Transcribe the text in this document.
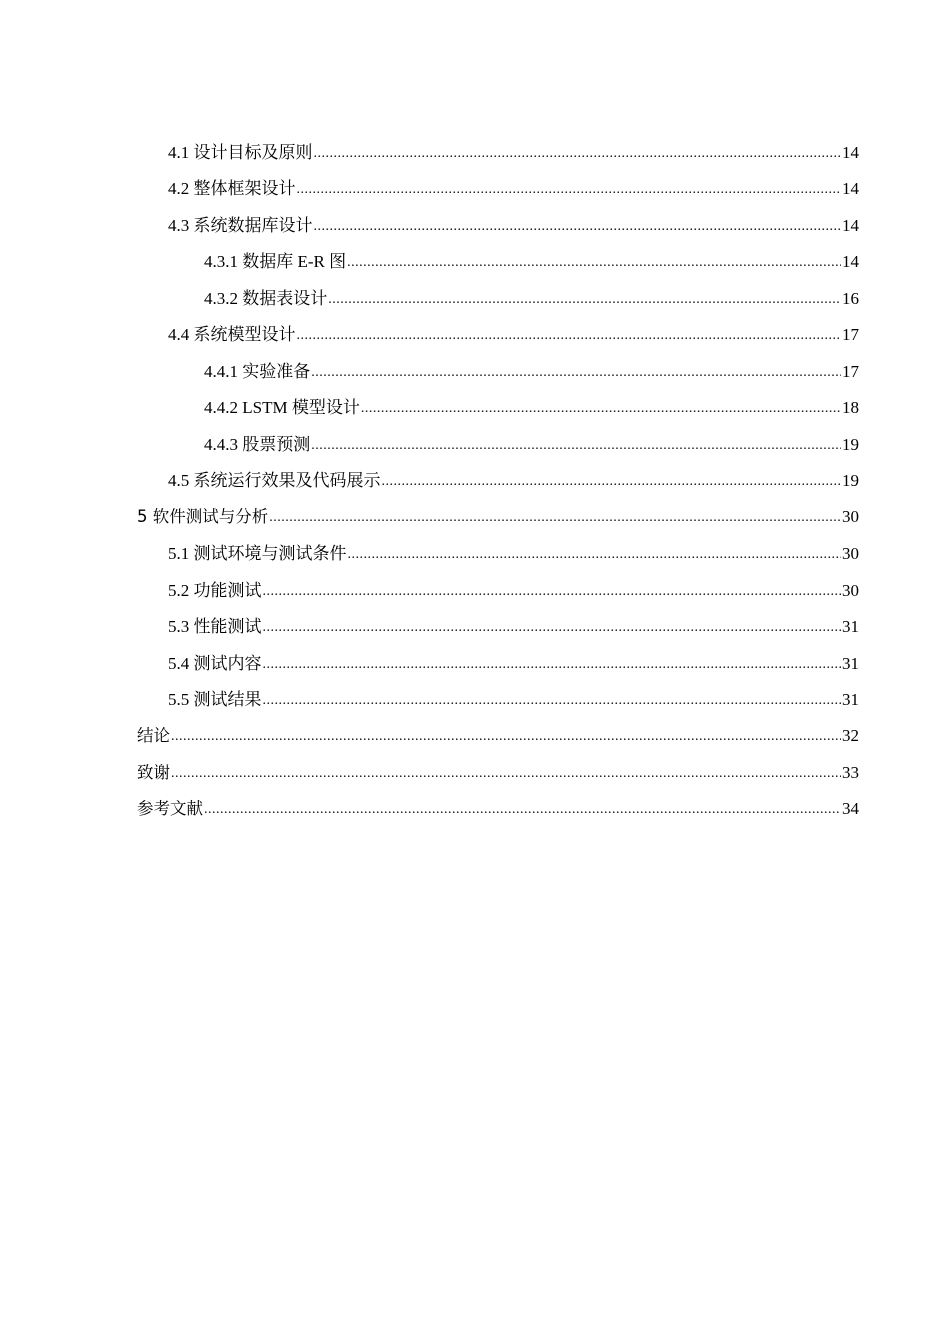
4.1 设计目标及原则 .....	14
4.2 整体框架设计 .....	14
4.3 系统数据库设计 .....	14
4.3.1 数据库 E-R 图 .....	14
4.3.2 数据表设计 .....	16
4.4 系统模型设计 .....	17
4.4.1 实验准备 .....	17
4.4.2 LSTM 模型设计 .....	18
4.4.3 股票预测 .....	19
4.5 系统运行效果及代码展示 .....	19
5 软件测试与分析 .....	30
5.1 测试环境与测试条件 .....	30
5.2 功能测试 .....	30
5.3 性能测试 .....	31
5.4 测试内容 .....	31
5.5 测试结果 .....	31
结论 .....	32
致谢 .....	33
参考文献 .....	34
